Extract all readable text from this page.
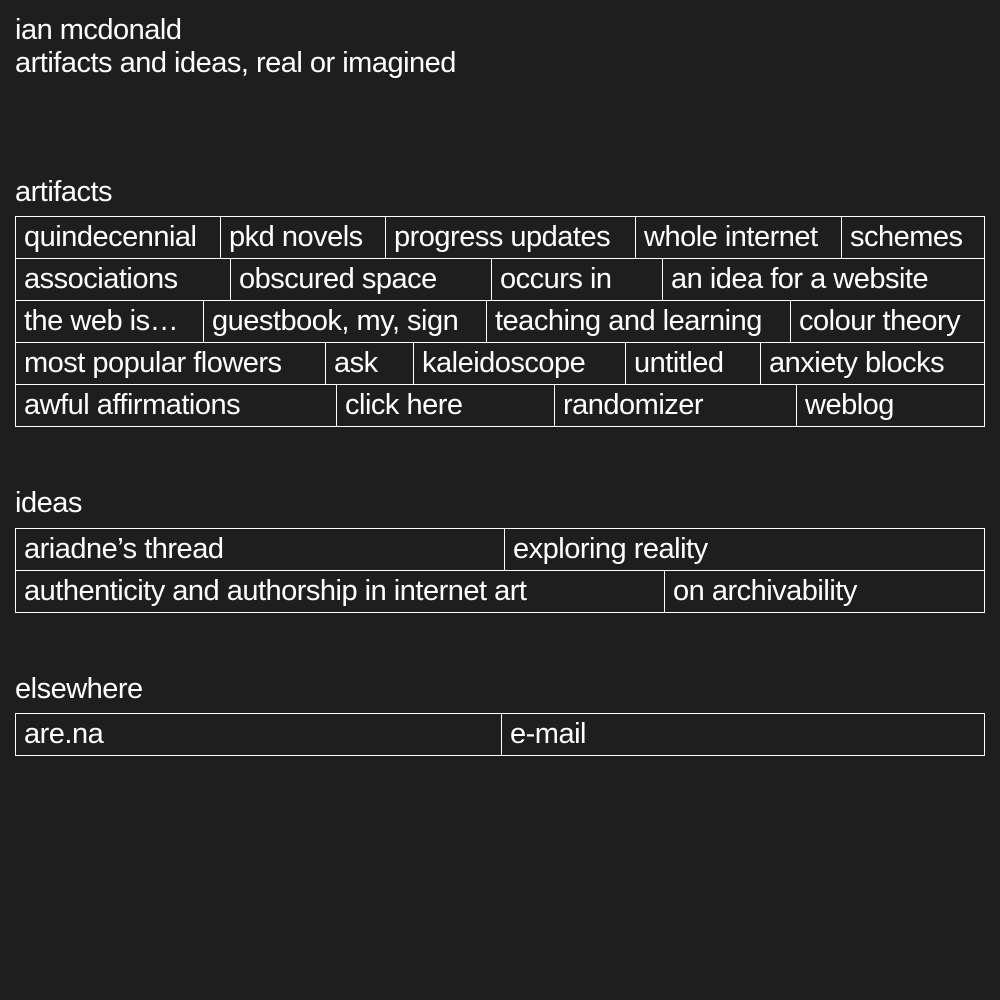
ian mcdonald
artifacts and ideas, real or imagined
artifacts
quindecennial	pkd novels	progress updates	whole internet	schemes
associations	obscured space	occurs in	an idea for a website
the web is…	guestbook, my, sign	teaching and learning	colour theory
most popular flowers	ask	kaleidoscope	untitled	anxiety blocks
awful affirmations	click here	randomizer	weblog
ideas
ariadne’s thread	exploring reality
authenticity and authorship in internet art	on archivability
elsewhere
are.na	e-mail
